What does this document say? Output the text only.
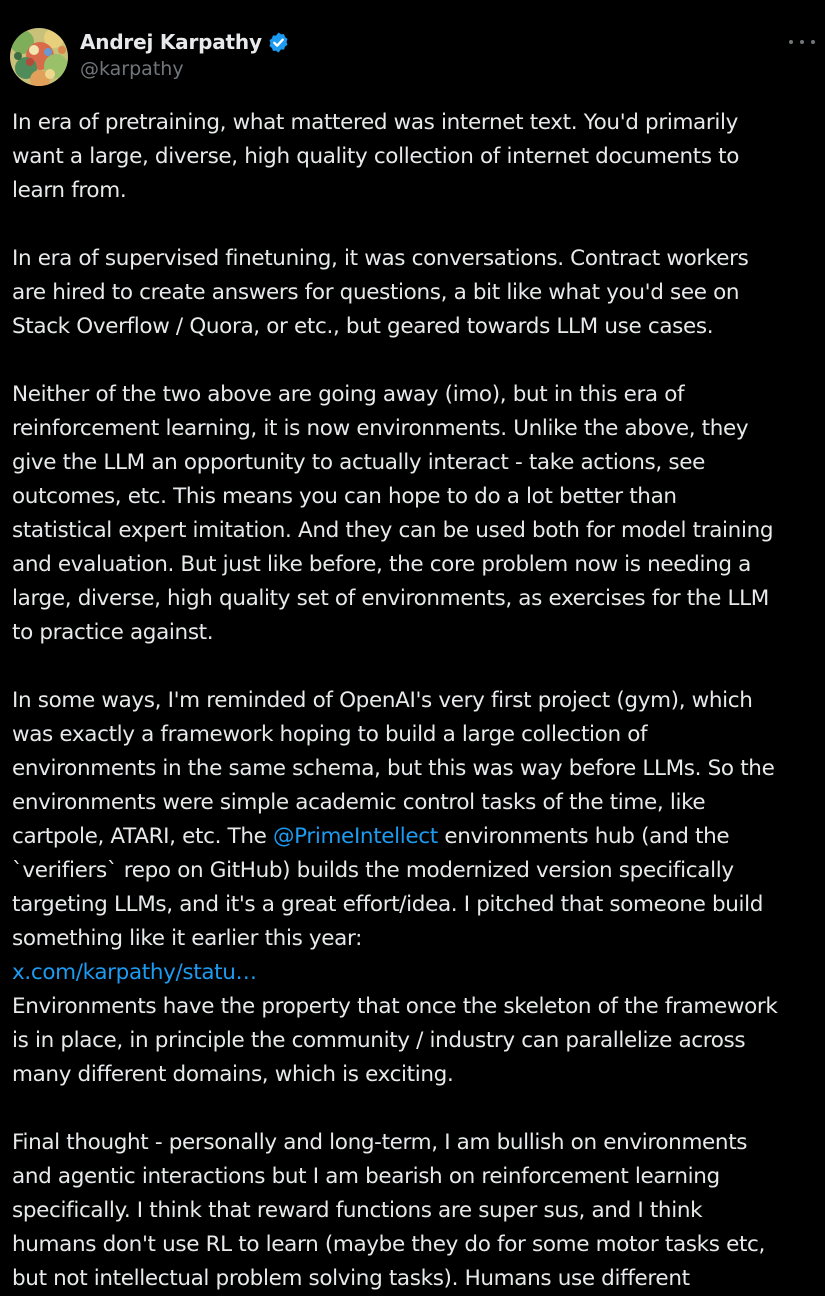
Andrej Karpathy
@karpathy
In era of pretraining, what mattered was internet text. You'd primarily
want a large, diverse, high quality collection of internet documents to
learn from.
In era of supervised finetuning, it was conversations. Contract workers
are hired to create answers for questions, a bit like what you'd see on
Stack Overflow / Quora, or etc., but geared towards LLM use cases.
Neither of the two above are going away (imo), but in this era of
reinforcement learning, it is now environments. Unlike the above, they
give the LLM an opportunity to actually interact - take actions, see
outcomes, etc. This means you can hope to do a lot better than
statistical expert imitation. And they can be used both for model training
and evaluation. But just like before, the core problem now is needing a
large, diverse, high quality set of environments, as exercises for the LLM
to practice against.
In some ways, I'm reminded of OpenAI's very first project (gym), which
was exactly a framework hoping to build a large collection of
environments in the same schema, but this was way before LLMs. So the
environments were simple academic control tasks of the time, like
cartpole, ATARI, etc. The @PrimeIntellect environments hub (and the
`verifiers` repo on GitHub) builds the modernized version specifically
targeting LLMs, and it's a great effort/idea. I pitched that someone build
something like it earlier this year:
x.com/karpathy/statu…
Environments have the property that once the skeleton of the framework
is in place, in principle the community / industry can parallelize across
many different domains, which is exciting.
Final thought - personally and long-term, I am bullish on environments
and agentic interactions but I am bearish on reinforcement learning
specifically. I think that reward functions are super sus, and I think
humans don't use RL to learn (maybe they do for some motor tasks etc,
but not intellectual problem solving tasks). Humans use different
